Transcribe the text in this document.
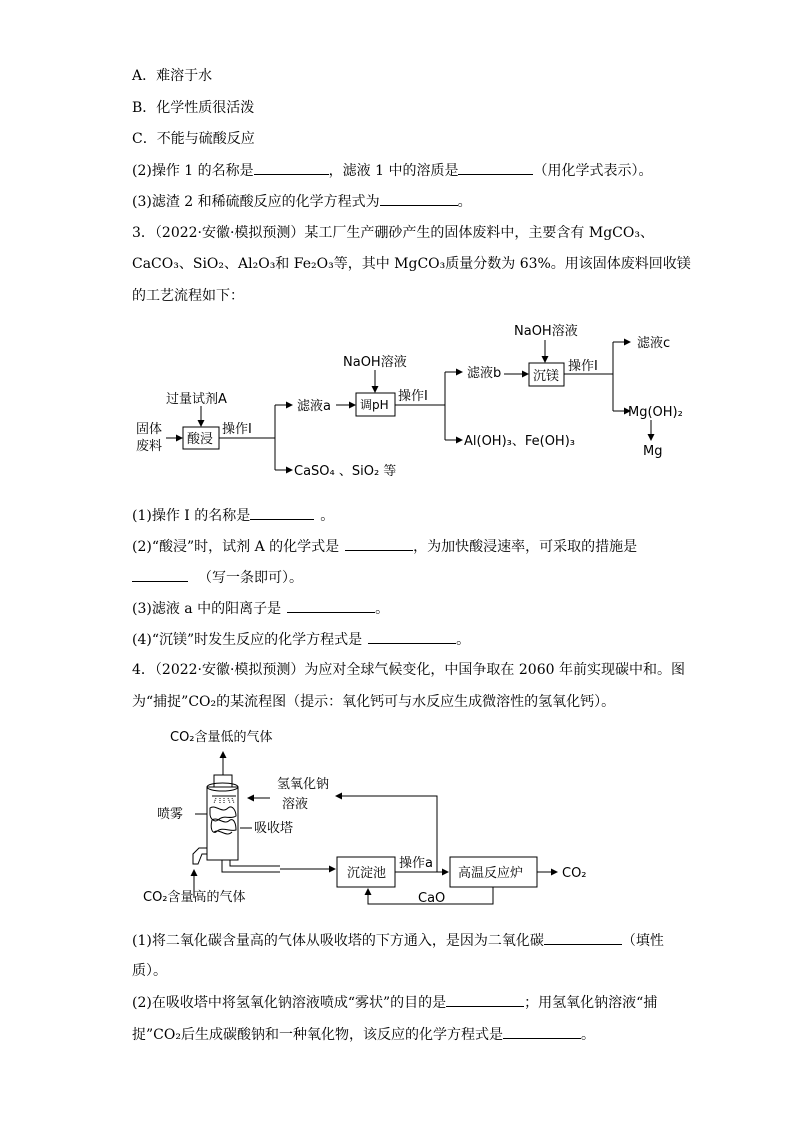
A．难溶于水
B．化学性质很活泼
C．不能与硫酸反应
(2)操作 1 的名称是	，滤液 1 中的溶质是	（用化学式表示）。
(3)滤渣 2 和稀硫酸反应的化学方程式为	。
3．（2022·安徽·模拟预测）某工厂生产硼砂产生的固体废料中，主要含有 MgCO₃、
CaCO₃、SiO₂、Al₂O₃和 Fe₂O₃等，其中 MgCO₃质量分数为 63%。用该固体废料回收镁
的工艺流程如下：
固体
废料
过量试剂A
酸浸
操作I
滤液a
CaSO₄ 、SiO₂ 等
NaOH溶液
调pH
操作I
滤液b
Al(OH)₃、Fe(OH)₃
NaOH溶液
沉镁
操作I
滤液c
Mg(OH)₂
Mg
(1)操作 I 的名称是	。
(2)“酸浸”时，试剂 A 的化学式是	，为加快酸浸速率，可采取的措施是
（写一条即可）。
(3)滤液 a 中的阳离子是	。
(4)“沉镁”时发生反应的化学方程式是	。
4．（2022·安徽·模拟预测）为应对全球气候变化，中国争取在 2060 年前实现碳中和。图
为“捕捉”CO₂的某流程图（提示：氧化钙可与水反应生成微溶性的氢氧化钙）。
CO₂含量低的气体
氢氧化钠
溶液
喷雾
吸收塔
CO₂含量高的气体
沉淀池
操作a
高温反应炉	CO₂
CaO
(1)将二氧化碳含量高的气体从吸收塔的下方通入，是因为二氧化碳	（填性
质）。
(2)在吸收塔中将氢氧化钠溶液喷成“雾状”的目的是	；用氢氧化钠溶液“捕
捉”CO₂后生成碳酸钠和一种氧化物，该反应的化学方程式是	。
